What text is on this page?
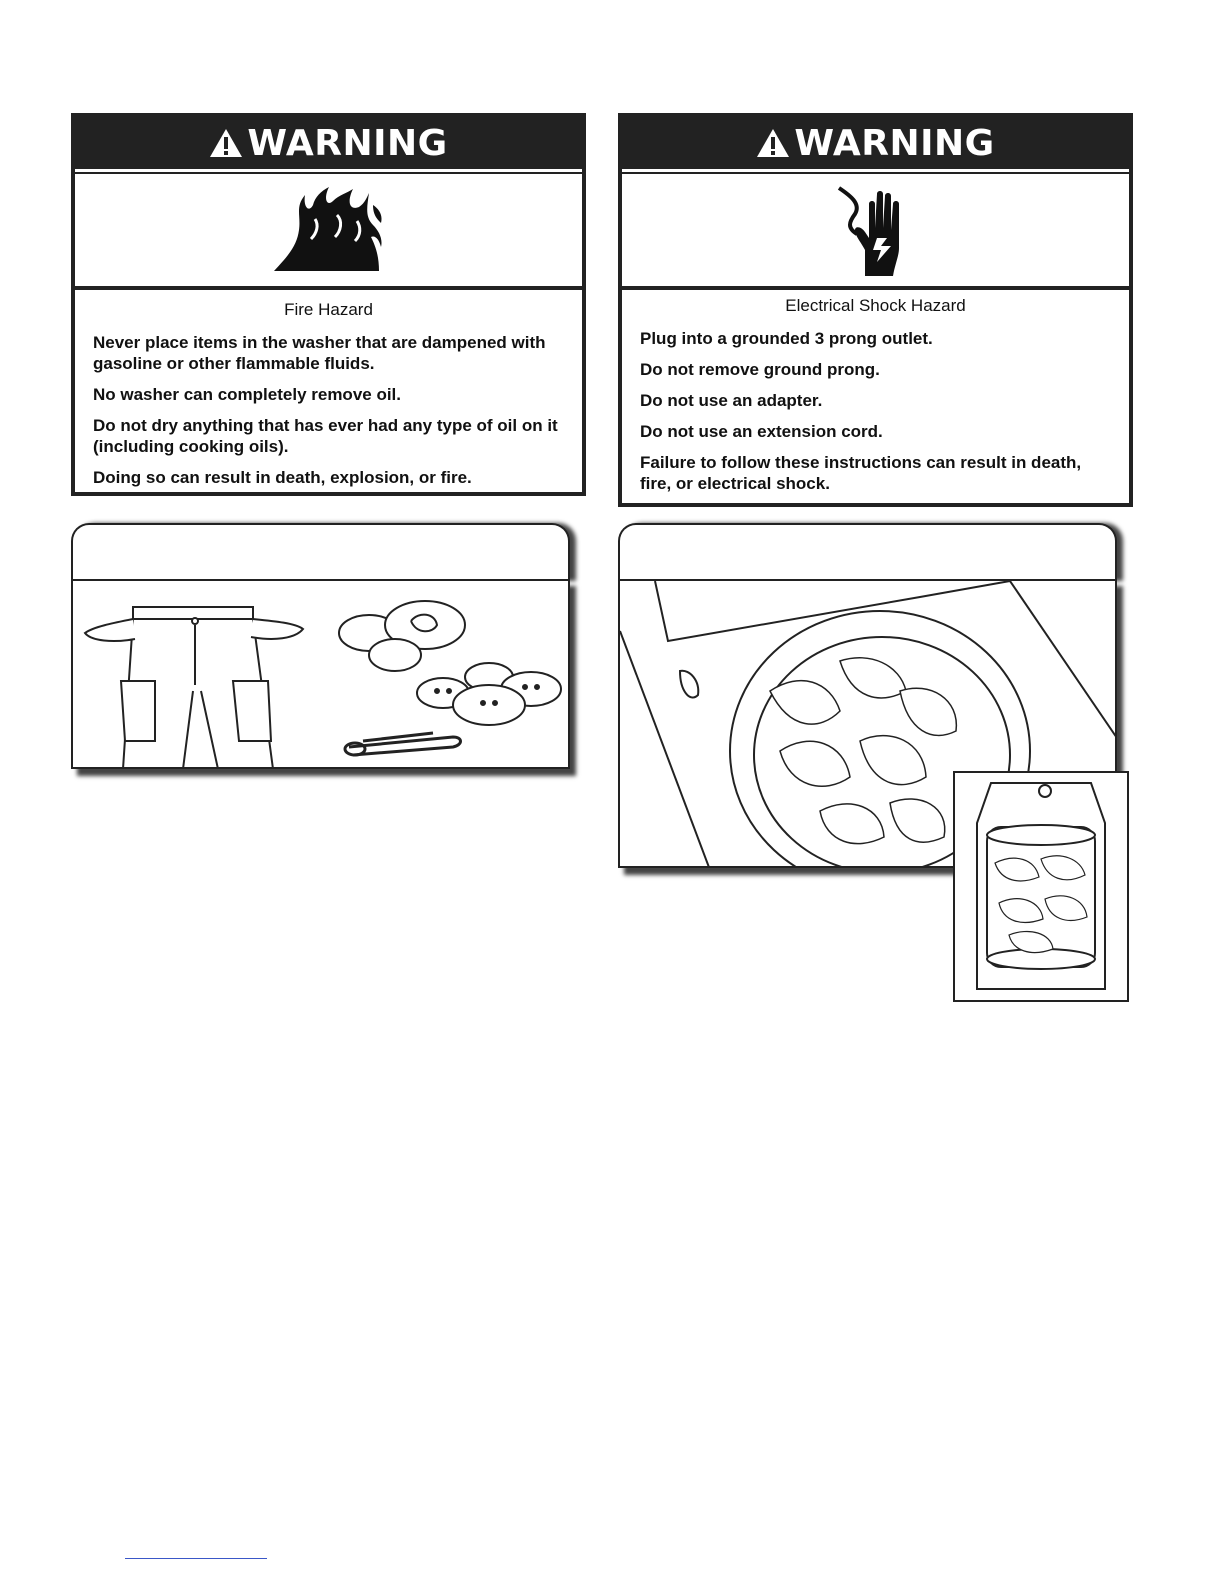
WARNING

Fire Hazard

Never place items in the washer that are dampened with gasoline or other flammable fluids.

No washer can completely remove oil.

Do not dry anything that has ever had any type of oil on it (including cooking oils).

Doing so can result in death, explosion, or fire.

WARNING

Electrical Shock Hazard

Plug into a grounded 3 prong outlet.

Do not remove ground prong.

Do not use an adapter.

Do not use an extension cord.

Failure to follow these instructions can result in death, fire, or electrical shock.
